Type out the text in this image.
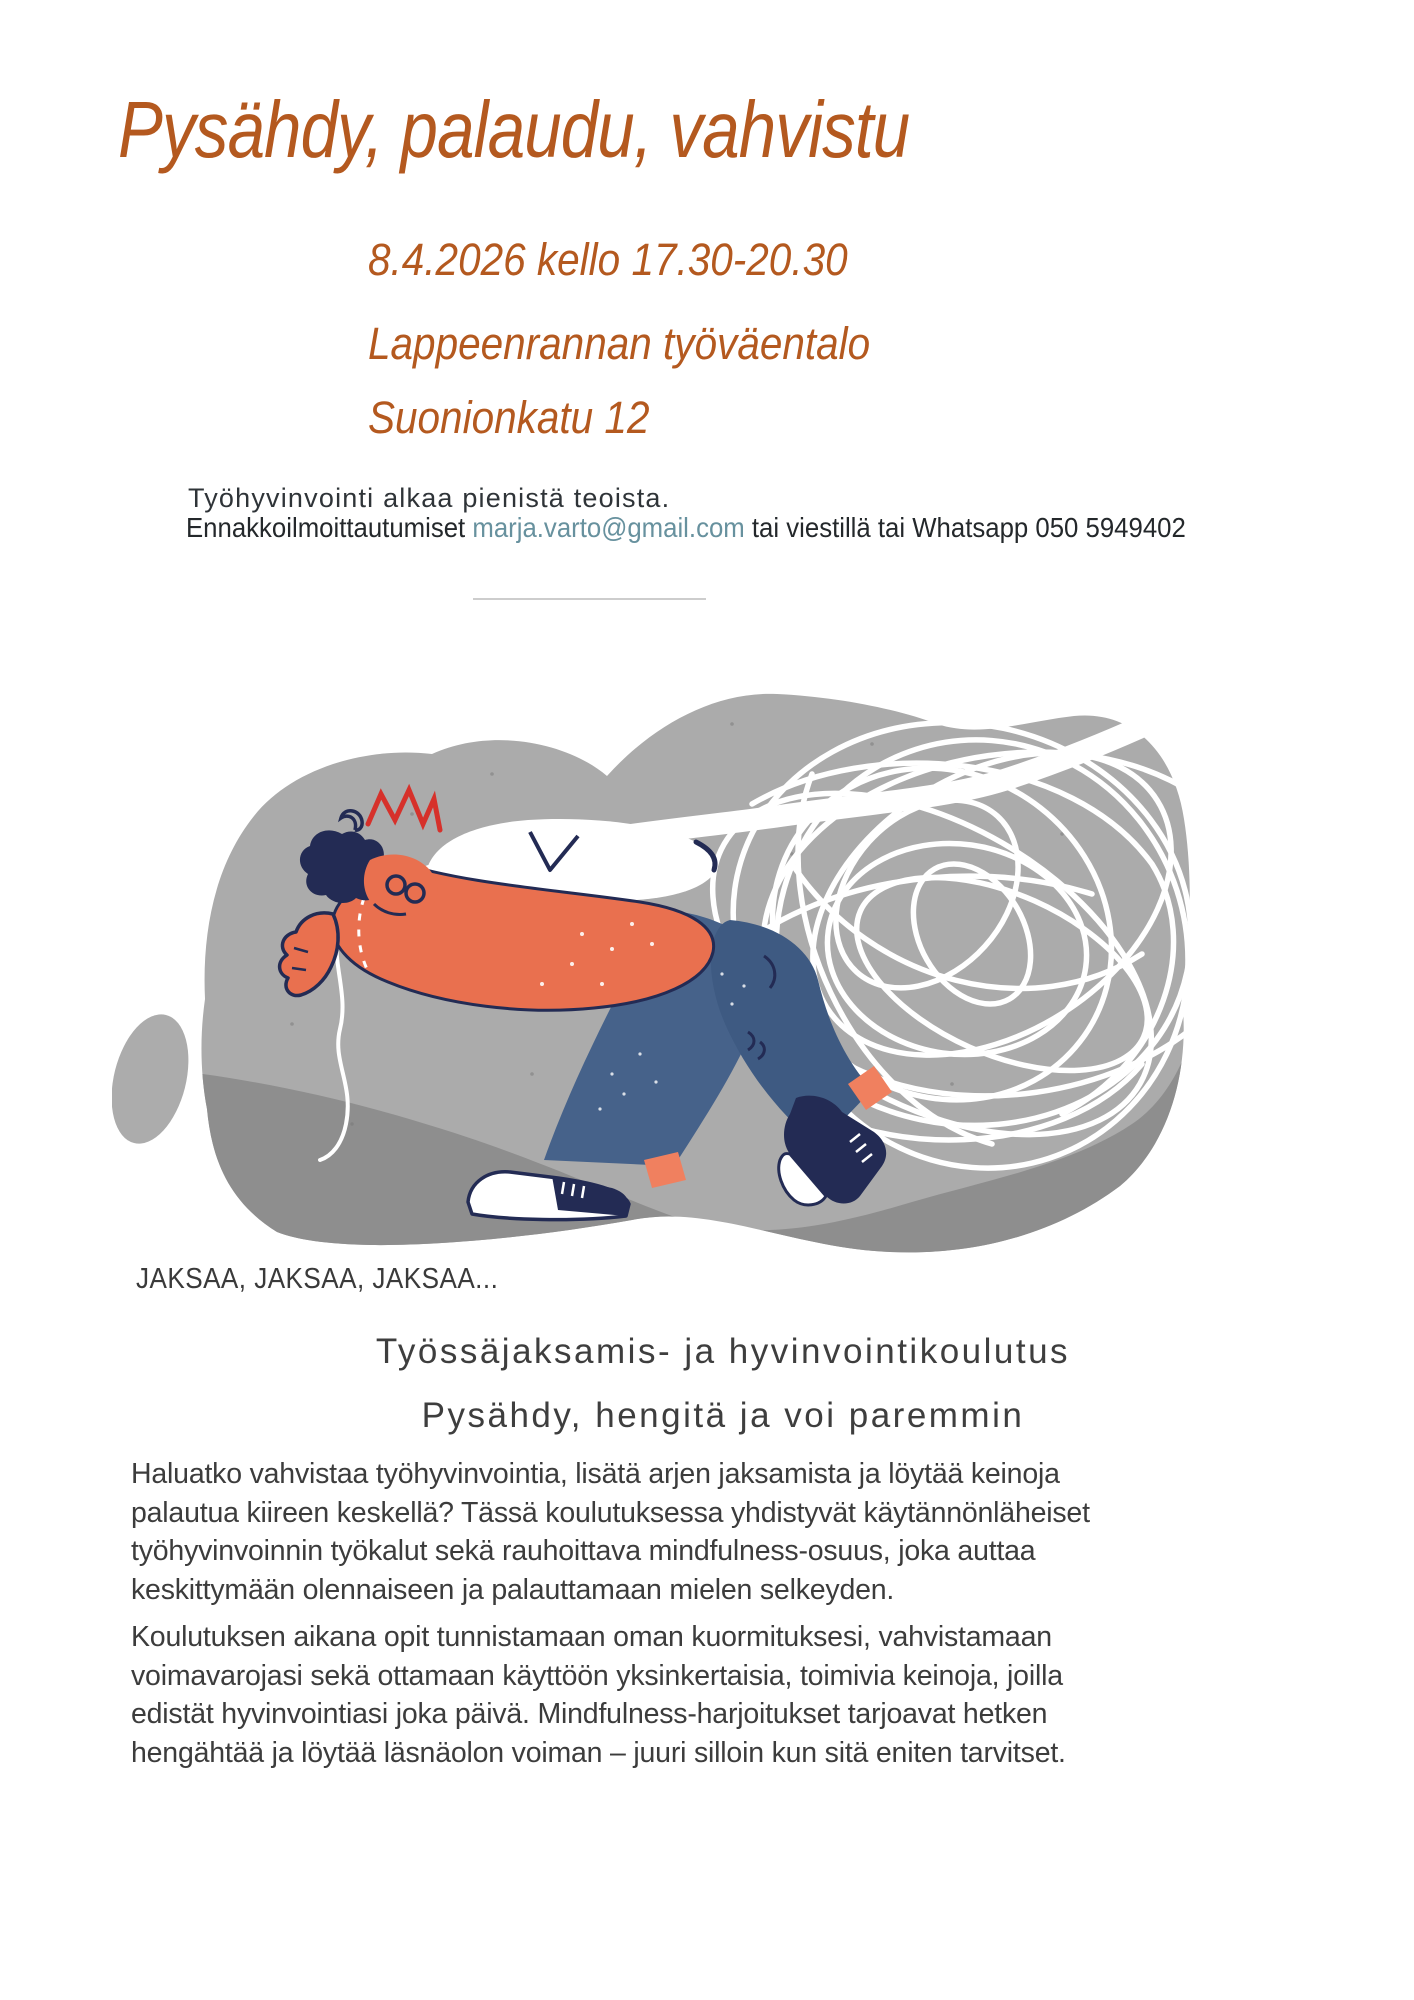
Pysähdy, palaudu, vahvistu
8.4.2026 kello 17.30-20.30
Lappeenrannan työväentalo
Suonionkatu 12
Työhyvinvointi alkaa pienistä teoista.
Ennakkoilmoittautumiset marja.varto@gmail.com tai viestillä tai Whatsapp 050 5949402
JAKSAA, JAKSAA, JAKSAA...
Työssäjaksamis- ja hyvinvointikoulutus
Pysähdy, hengitä ja voi paremmin
Haluatko vahvistaa työhyvinvointia, lisätä arjen jaksamista ja löytää keinoja
palautua kiireen keskellä? Tässä koulutuksessa yhdistyvät käytännönläheiset
työhyvinvoinnin työkalut sekä rauhoittava mindfulness-osuus, joka auttaa
keskittymään olennaiseen ja palauttamaan mielen selkeyden.
Koulutuksen aikana opit tunnistamaan oman kuormituksesi, vahvistamaan
voimavarojasi sekä ottamaan käyttöön yksinkertaisia, toimivia keinoja, joilla
edistät hyvinvointiasi joka päivä. Mindfulness-harjoitukset tarjoavat hetken
hengähtää ja löytää läsnäolon voiman – juuri silloin kun sitä eniten tarvitset.
